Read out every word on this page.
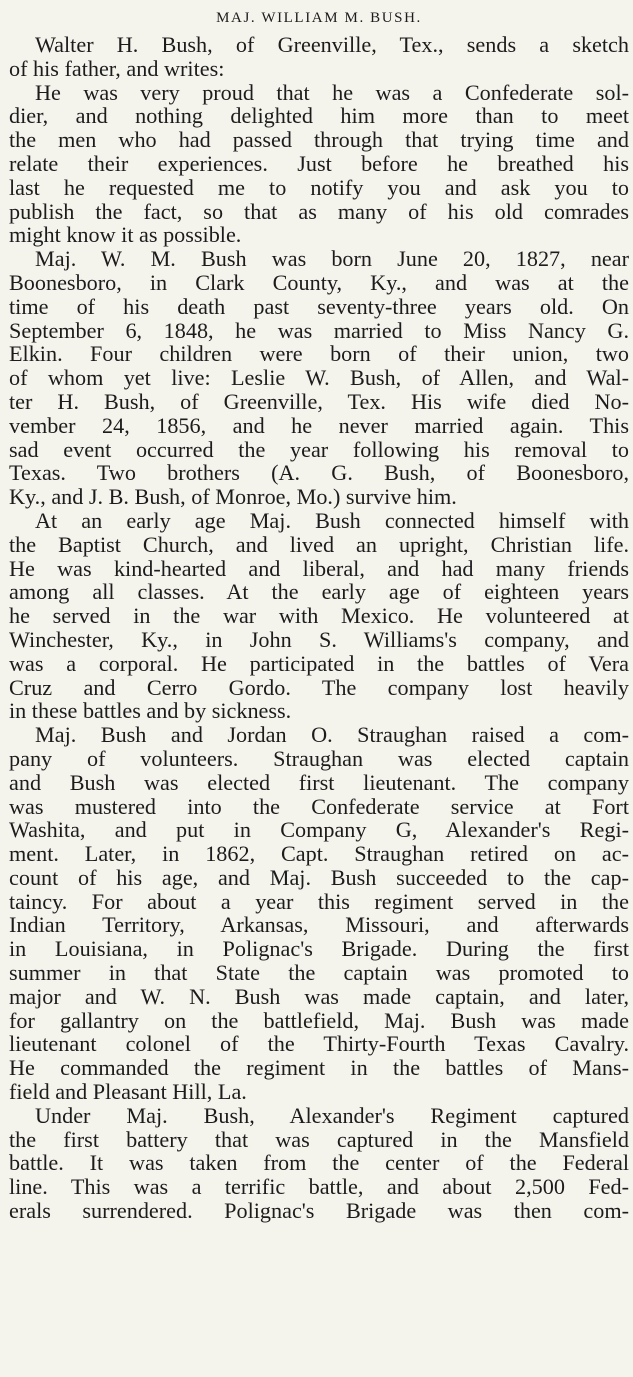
MAJ. WILLIAM M. BUSH.
Walter H. Bush, of Greenville, Tex., sends a sketch
of his father, and writes:
He was very proud that he was a Confederate sol-
dier, and nothing delighted him more than to meet
the men who had passed through that trying time and
relate their experiences. Just before he breathed his
last he requested me to notify you and ask you to
publish the fact, so that as many of his old comrades
might know it as possible.
Maj. W. M. Bush was born June 20, 1827, near
Boonesboro, in Clark County, Ky., and was at the
time of his death past seventy-three years old. On
September 6, 1848, he was married to Miss Nancy G.
Elkin. Four children were born of their union, two
of whom yet live: Leslie W. Bush, of Allen, and Wal-
ter H. Bush, of Greenville, Tex. His wife died No-
vember 24, 1856, and he never married again. This
sad event occurred the year following his removal to
Texas. Two brothers (A. G. Bush, of Boonesboro,
Ky., and J. B. Bush, of Monroe, Mo.) survive him.
At an early age Maj. Bush connected himself with
the Baptist Church, and lived an upright, Christian life.
He was kind-hearted and liberal, and had many friends
among all classes. At the early age of eighteen years
he served in the war with Mexico. He volunteered at
Winchester, Ky., in John S. Williams's company, and
was a corporal. He participated in the battles of Vera
Cruz and Cerro Gordo. The company lost heavily
in these battles and by sickness.
Maj. Bush and Jordan O. Straughan raised a com-
pany of volunteers. Straughan was elected captain
and Bush was elected first lieutenant. The company
was mustered into the Confederate service at Fort
Washita, and put in Company G, Alexander's Regi-
ment. Later, in 1862, Capt. Straughan retired on ac-
count of his age, and Maj. Bush succeeded to the cap-
taincy. For about a year this regiment served in the
Indian Territory, Arkansas, Missouri, and afterwards
in Louisiana, in Polignac's Brigade. During the first
summer in that State the captain was promoted to
major and W. N. Bush was made captain, and later,
for gallantry on the battlefield, Maj. Bush was made
lieutenant colonel of the Thirty-Fourth Texas Cavalry.
He commanded the regiment in the battles of Mans-
field and Pleasant Hill, La.
Under Maj. Bush, Alexander's Regiment captured
the first battery that was captured in the Mansfield
battle. It was taken from the center of the Federal
line. This was a terrific battle, and about 2,500 Fed-
erals surrendered. Polignac's Brigade was then com-
